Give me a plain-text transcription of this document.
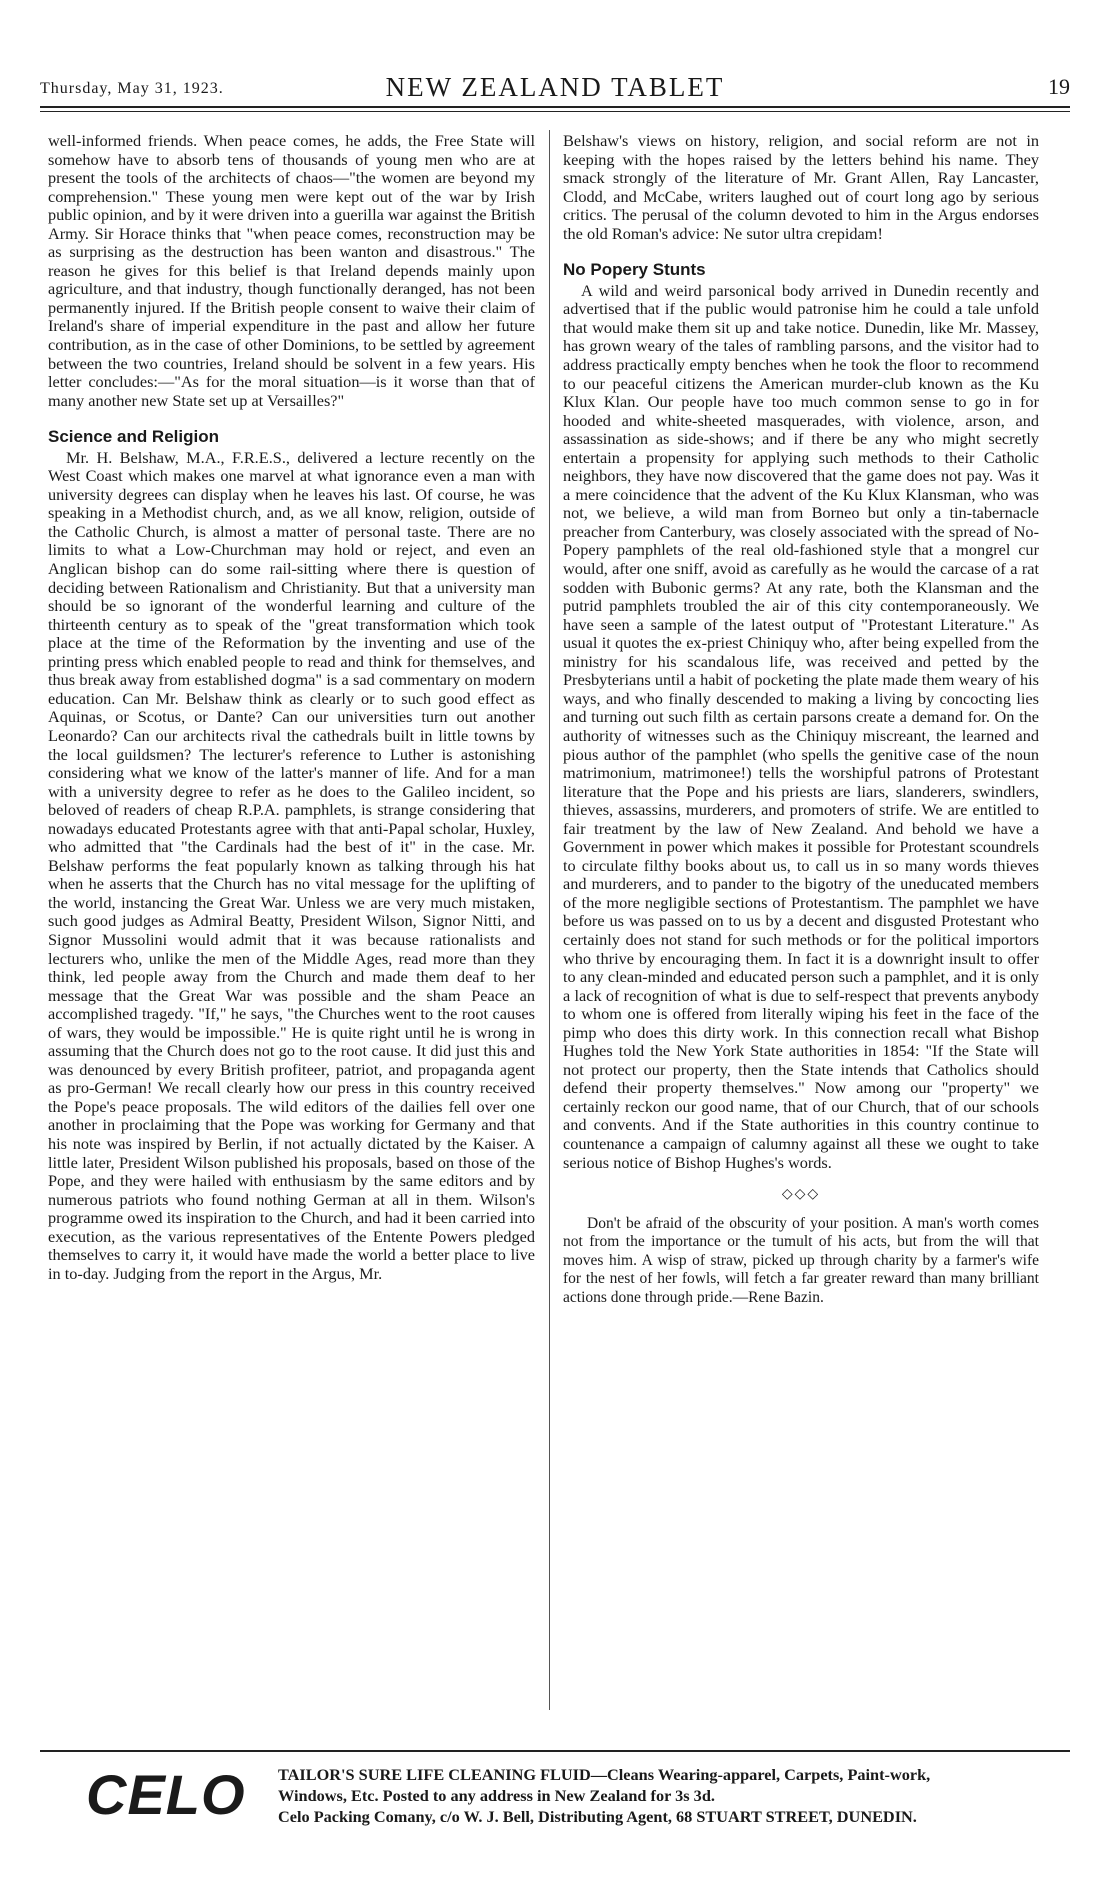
Thursday, May 31, 1923.	NEW ZEALAND TABLET	19

well-informed friends. When peace comes, he adds, the Free State will somehow have to absorb tens of thousands of young men who are at present the tools of the architects of chaos—"the women are beyond my comprehension." These young men were kept out of the war by Irish public opinion, and by it were driven into a guerilla war against the British Army. Sir Horace thinks that "when peace comes, reconstruction may be as surprising as the destruction has been wanton and disastrous." The reason he gives for this belief is that Ireland depends mainly upon agriculture, and that industry, though functionally deranged, has not been permanently injured. If the British people consent to waive their claim of Ireland's share of imperial expenditure in the past and allow her future contribution, as in the case of other Dominions, to be settled by agreement between the two countries, Ireland should be solvent in a few years. His letter concludes:—"As for the moral situation—is it worse than that of many another new State set up at Versailles?"

Science and Religion

Mr. H. Belshaw, M.A., F.R.E.S., delivered a lecture recently on the West Coast which makes one marvel at what ignorance even a man with university degrees can display when he leaves his last. Of course, he was speaking in a Methodist church, and, as we all know, religion, outside of the Catholic Church, is almost a matter of personal taste. There are no limits to what a Low-Churchman may hold or reject, and even an Anglican bishop can do some rail-sitting where there is question of deciding between Rationalism and Christianity. But that a university man should be so ignorant of the wonderful learning and culture of the thirteenth century as to speak of the "great transformation which took place at the time of the Reformation by the inventing and use of the printing press which enabled people to read and think for themselves, and thus break away from established dogma" is a sad commentary on modern education. Can Mr. Belshaw think as clearly or to such good effect as Aquinas, or Scotus, or Dante? Can our universities turn out another Leonardo? Can our architects rival the cathedrals built in little towns by the local guildsmen? The lecturer's reference to Luther is astonishing considering what we know of the latter's manner of life. And for a man with a university degree to refer as he does to the Galileo incident, so beloved of readers of cheap R.P.A. pamphlets, is strange considering that nowadays educated Protestants agree with that anti-Papal scholar, Huxley, who admitted that "the Cardinals had the best of it" in the case. Mr. Belshaw performs the feat popularly known as talking through his hat when he asserts that the Church has no vital message for the uplifting of the world, instancing the Great War. Unless we are very much mistaken, such good judges as Admiral Beatty, President Wilson, Signor Nitti, and Signor Mussolini would admit that it was because rationalists and lecturers who, unlike the men of the Middle Ages, read more than they think, led people away from the Church and made them deaf to her message that the Great War was possible and the sham Peace an accomplished tragedy. "If," he says, "the Churches went to the root causes of wars, they would be impossible." He is quite right until he is wrong in assuming that the Church does not go to the root cause. It did just this and was denounced by every British profiteer, patriot, and propaganda agent as pro-German! We recall clearly how our press in this country received the Pope's peace proposals. The wild editors of the dailies fell over one another in proclaiming that the Pope was working for Germany and that his note was inspired by Berlin, if not actually dictated by the Kaiser. A little later, President Wilson published his proposals, based on those of the Pope, and they were hailed with enthusiasm by the same editors and by numerous patriots who found nothing German at all in them. Wilson's programme owed its inspiration to the Church, and had it been carried into execution, as the various representatives of the Entente Powers pledged themselves to carry it, it would have made the world a better place to live in to-day. Judging from the report in the Argus, Mr.

Belshaw's views on history, religion, and social reform are not in keeping with the hopes raised by the letters behind his name. They smack strongly of the literature of Mr. Grant Allen, Ray Lancaster, Clodd, and McCabe, writers laughed out of court long ago by serious critics. The perusal of the column devoted to him in the Argus endorses the old Roman's advice: Ne sutor ultra crepidam!

No Popery Stunts

A wild and weird parsonical body arrived in Dunedin recently and advertised that if the public would patronise him he could a tale unfold that would make them sit up and take notice. Dunedin, like Mr. Massey, has grown weary of the tales of rambling parsons, and the visitor had to address practically empty benches when he took the floor to recommend to our peaceful citizens the American murder-club known as the Ku Klux Klan. Our people have too much common sense to go in for hooded and white-sheeted masquerades, with violence, arson, and assassination as side-shows; and if there be any who might secretly entertain a propensity for applying such methods to their Catholic neighbors, they have now discovered that the game does not pay. Was it a mere coincidence that the advent of the Ku Klux Klansman, who was not, we believe, a wild man from Borneo but only a tin-tabernacle preacher from Canterbury, was closely associated with the spread of No-Popery pamphlets of the real old-fashioned style that a mongrel cur would, after one sniff, avoid as carefully as he would the carcase of a rat sodden with Bubonic germs? At any rate, both the Klansman and the putrid pamphlets troubled the air of this city contemporaneously. We have seen a sample of the latest output of "Protestant Literature." As usual it quotes the ex-priest Chiniquy who, after being expelled from the ministry for his scandalous life, was received and petted by the Presbyterians until a habit of pocketing the plate made them weary of his ways, and who finally descended to making a living by concocting lies and turning out such filth as certain parsons create a demand for. On the authority of witnesses such as the Chiniquy miscreant, the learned and pious author of the pamphlet (who spells the genitive case of the noun matrimonium, matrimonee!) tells the worshipful patrons of Protestant literature that the Pope and his priests are liars, slanderers, swindlers, thieves, assassins, murderers, and promoters of strife. We are entitled to fair treatment by the law of New Zealand. And behold we have a Government in power which makes it possible for Protestant scoundrels to circulate filthy books about us, to call us in so many words thieves and murderers, and to pander to the bigotry of the uneducated members of the more negligible sections of Protestantism. The pamphlet we have before us was passed on to us by a decent and disgusted Protestant who certainly does not stand for such methods or for the political importors who thrive by encouraging them. In fact it is a downright insult to offer to any clean-minded and educated person such a pamphlet, and it is only a lack of recognition of what is due to self-respect that prevents anybody to whom one is offered from literally wiping his feet in the face of the pimp who does this dirty work. In this connection recall what Bishop Hughes told the New York State authorities in 1854: "If the State will not protect our property, then the State intends that Catholics should defend their property themselves." Now among our "property" we certainly reckon our good name, that of our Church, that of our schools and convents. And if the State authorities in this country continue to countenance a campaign of calumny against all these we ought to take serious notice of Bishop Hughes's words.

◇◇◇

Don't be afraid of the obscurity of your position. A man's worth comes not from the importance or the tumult of his acts, but from the will that moves him. A wisp of straw, picked up through charity by a farmer's wife for the nest of her fowls, will fetch a far greater reward than many brilliant actions done through pride.—Rene Bazin.

CELO TAILOR'S SURE LIFE CLEANING FLUID—Cleans Wearing-apparel, Carpets, Paint-work,
Windows, Etc. Posted to any address in New Zealand for 3s 3d.
Celo Packing Comany, c/o W. J. Bell, Distributing Agent, 68 STUART STREET, DUNEDIN.
